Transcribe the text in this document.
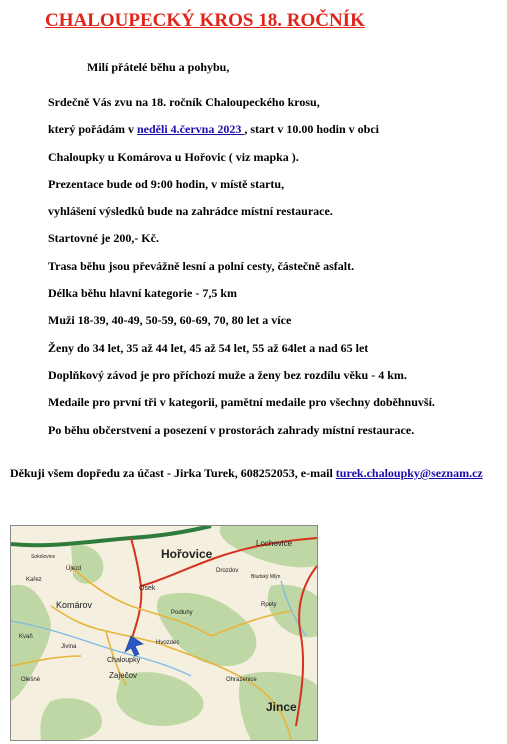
CHALOUPECKÝ KROS 18. ROČNÍK
Milí přátelé běhu a pohybu,
Srdečně Vás zvu na 18. ročník Chaloupeckého krosu,
který pořádám v neděli 4.června 2023 , start v 10.00 hodin v obci
Chaloupky u Komárova u Hořovic ( viz mapka ).
Prezentace bude od 9:00 hodin, v místě startu,
vyhlášení výsledků bude na zahrádce místní restaurace.
Startovné je 200,- Kč.
Trasa běhu jsou převážně lesní a polní cesty, částečně asfalt.
Délka běhu hlavní kategorie - 7,5 km
Muži 18-39, 40-49, 50-59, 60-69, 70, 80 let a více
Ženy do 34 let, 35 až 44 let, 45 až 54 let, 55 až 64let a nad 65 let
Doplňkový závod je pro příchozí muže a ženy bez rozdílu věku - 4 km.
Medaile pro první tři v kategorii, pamětní medaile pro všechny doběhnuvší.
Po běhu občerstvení a posezení v prostorách zahrady místní restaurace.
Děkuji všem dopředu za účast - Jirka Turek, 608252053, e-mail turek.chaloupky@seznam.cz
Hořovice
Lochovice
Komárov
Chaloupky
Jince
Osek
Podluhy
Drozdov
Újezd
Kařez
Kvaň
Sokolovice
Hvozdec
Olešné	Ohrazenice
Jivina
Zaječov
Rpety
Bludský Mlýn
